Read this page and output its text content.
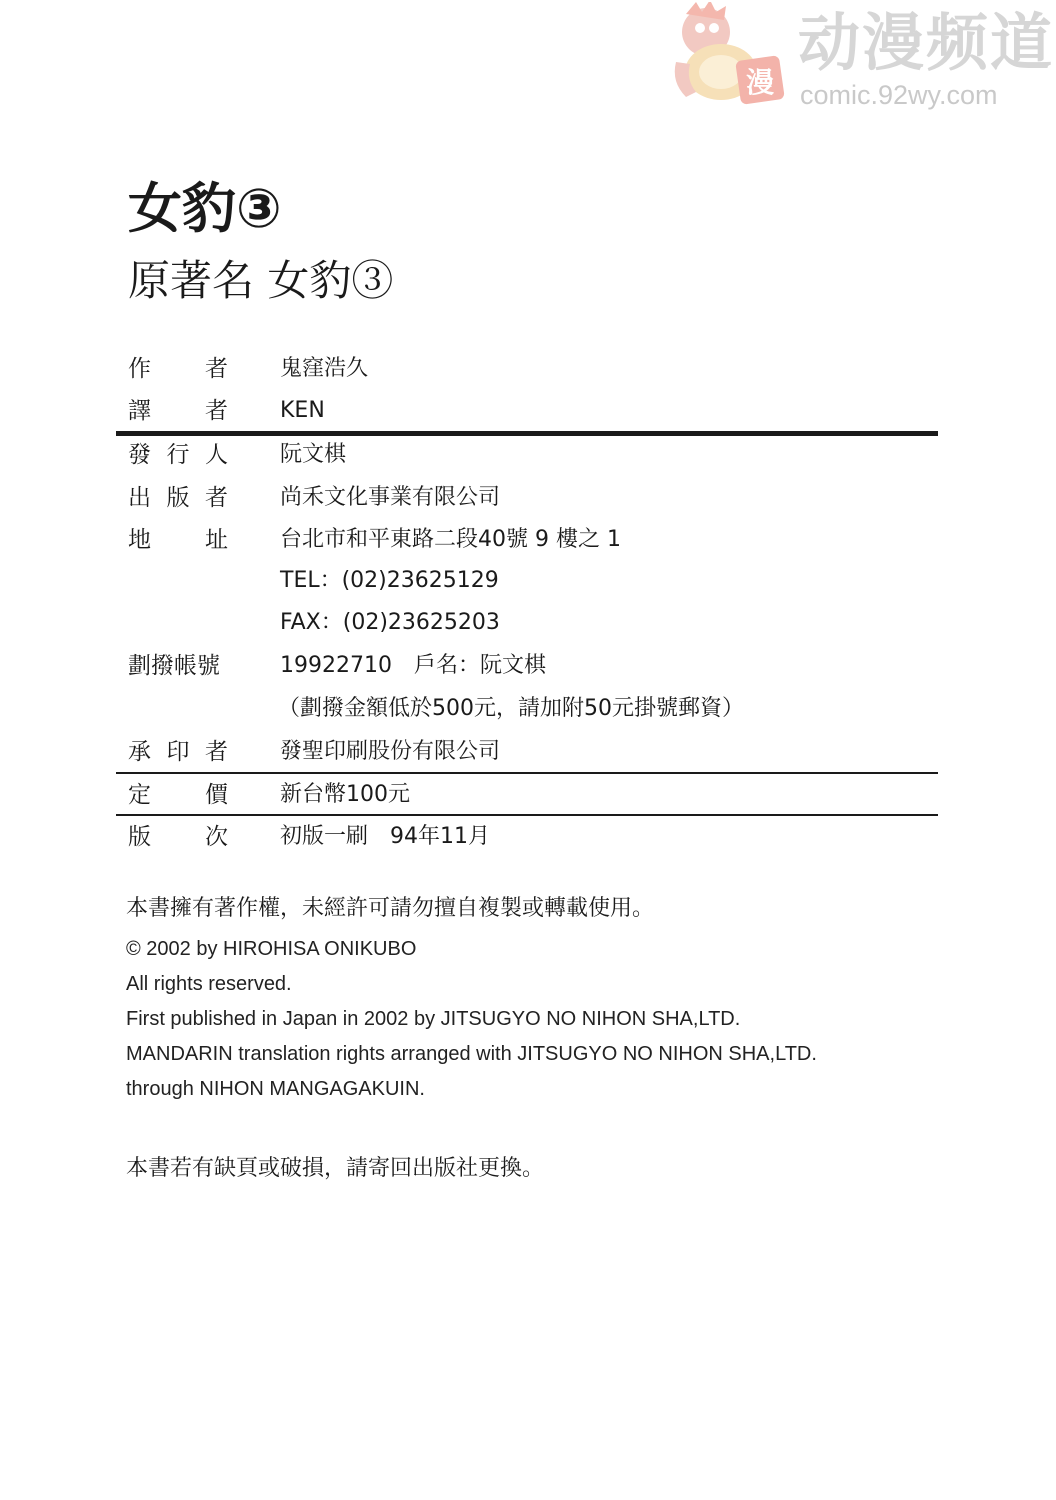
漫
动漫频道
comic.92wy.com
女豹③
原著名 女豹③
作 者 鬼窪浩久
譯 者 KEN
發 行 人 阮文棋
出 版 者 尚禾文化事業有限公司
地 址 台北市和平東路二段40號 9 樓之 1
TEL：(02)23625129
FAX：(02)23625203
劃撥帳號	19922710　戶名：阮文棋
（劃撥金額低於500元，請加附50元掛號郵資）
承 印 者 發聖印刷股份有限公司
定 價 新台幣100元
版 次 初版一刷　94年11月
本書擁有著作權，未經許可請勿擅自複製或轉載使用。
© 2002 by HIROHISA ONIKUBO
All rights reserved.
First published in Japan in 2002 by JITSUGYO NO NIHON SHA,LTD.
MANDARIN translation rights arranged with JITSUGYO NO NIHON SHA,LTD.
through NIHON MANGAGAKUIN.
本書若有缺頁或破損，請寄回出版社更換。
